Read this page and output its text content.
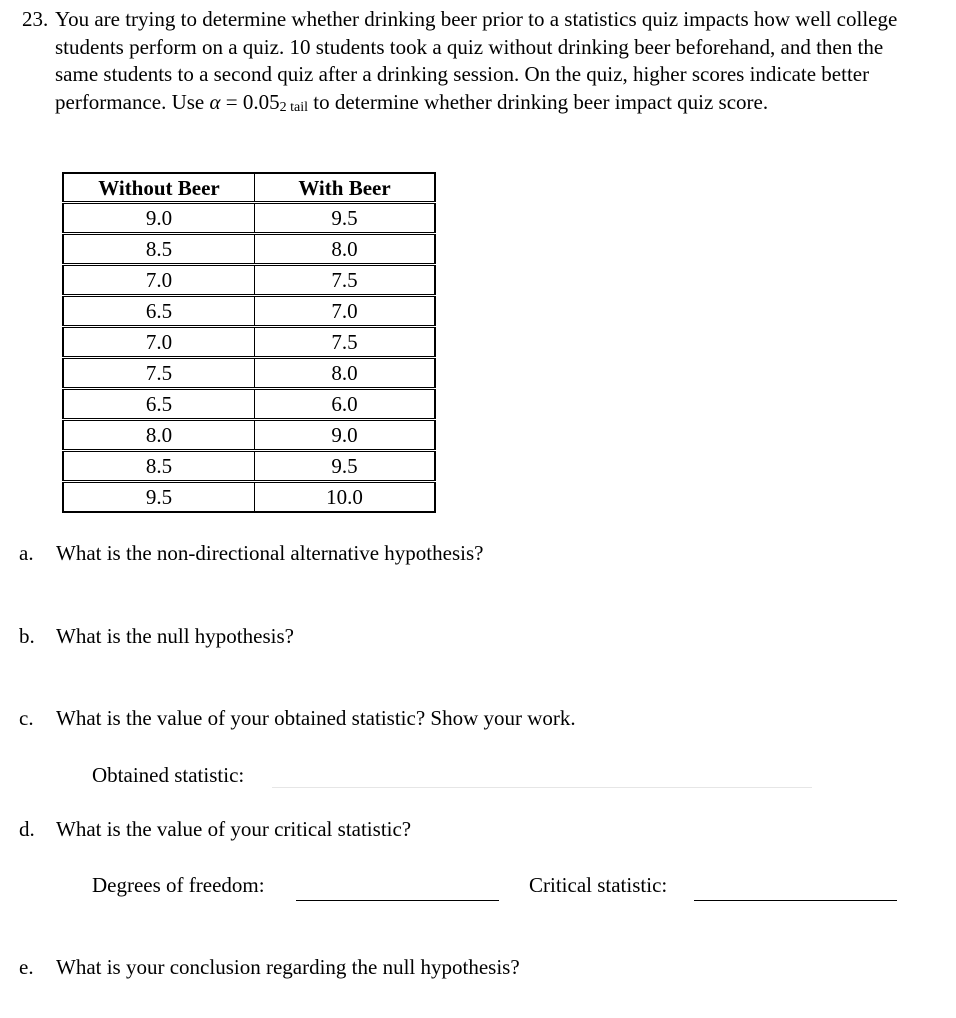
23. You are trying to determine whether drinking beer prior to a statistics quiz impacts how well college students perform on a quiz. 10 students took a quiz without drinking beer beforehand, and then the same students to a second quiz after a drinking session. On the quiz, higher scores indicate better performance. Use α = 0.052 tail to determine whether drinking beer impact quiz score.
Without Beer	With Beer
9.0	9.5
8.5	8.0
7.0	7.5
6.5	7.0
7.0	7.5
7.5	8.0
6.5	6.0
8.0	9.0
8.5	9.5
9.5	10.0
a. What is the non-directional alternative hypothesis?
b. What is the null hypothesis?
c. What is the value of your obtained statistic? Show your work.
Obtained statistic:
d. What is the value of your critical statistic?
Degrees of freedom:	Critical statistic:
e. What is your conclusion regarding the null hypothesis?
